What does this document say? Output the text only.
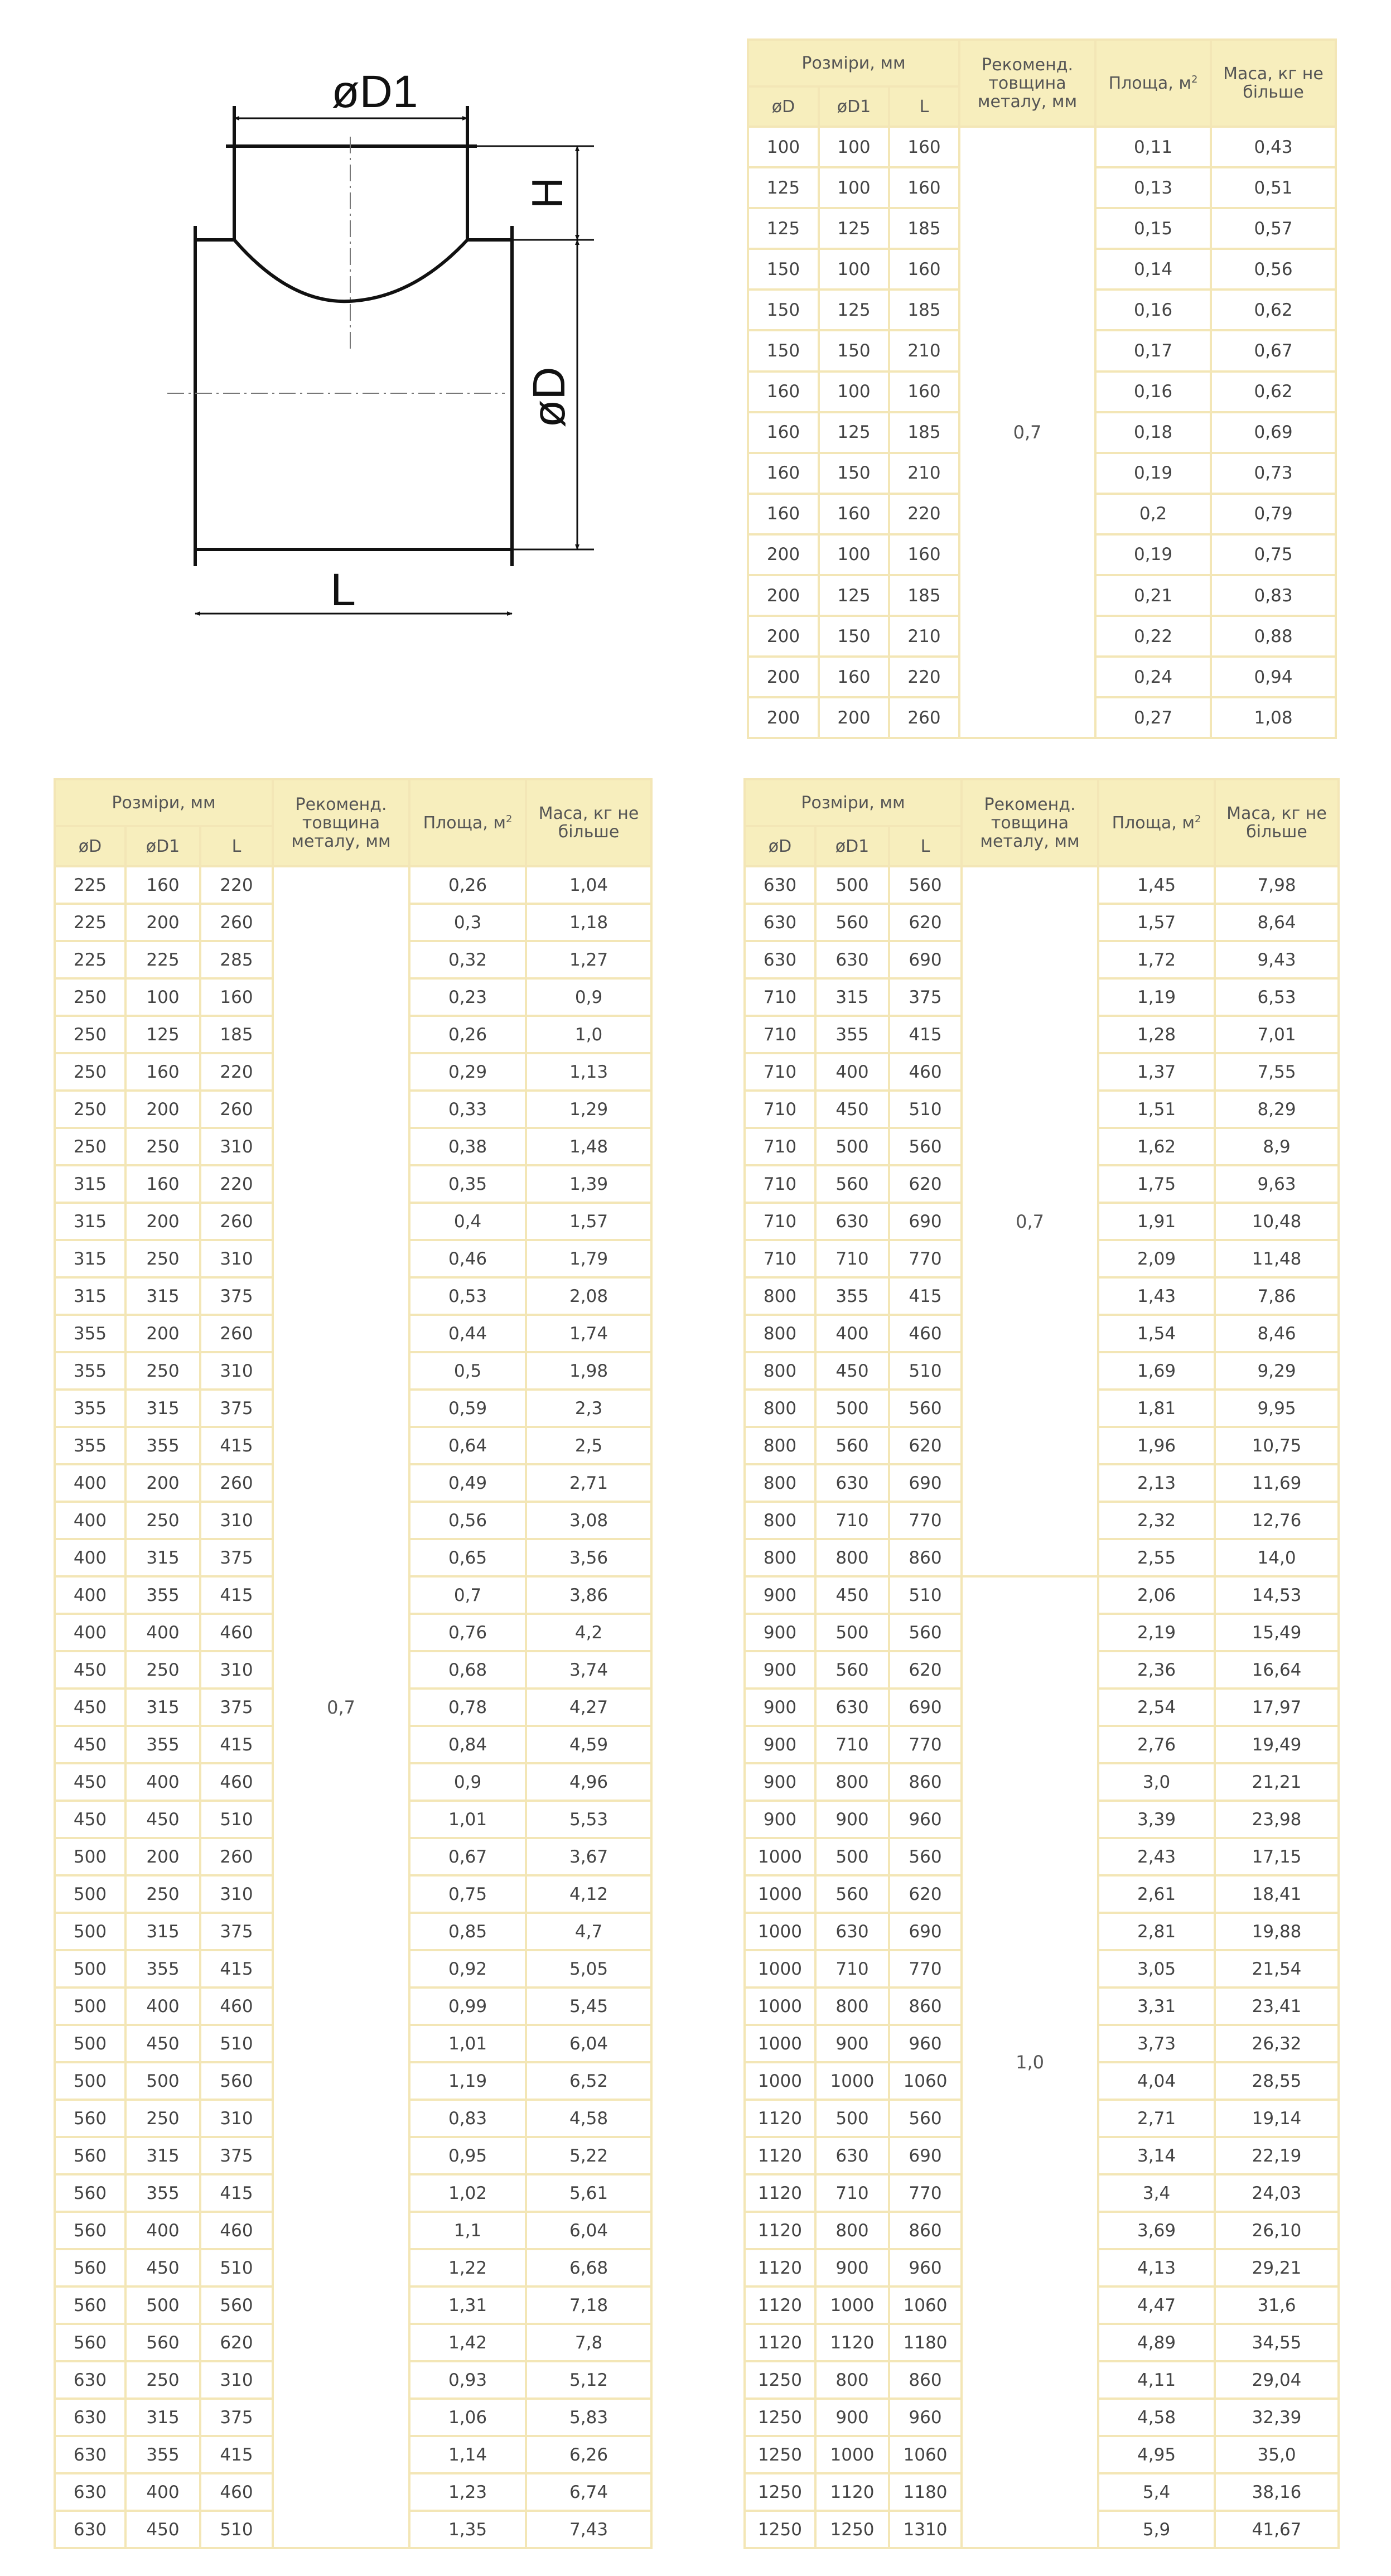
øD1
H
øD
L
Розміри, мм			Рекоменд. товщина металу, мм	Площа, $м^2$	Маса, кг не більше
øD	øD1	L			
100	100	160	0,7	0,11	0,43
125	100	160		0,13	0,51
125	125	185		0,15	0,57
150	100	160		0,14	0,56
150	125	185		0,16	0,62
150	150	210		0,17	0,67
160	100	160		0,16	0,62
160	125	185		0,18	0,69
160	150	210		0,19	0,73
160	160	220		0,2	0,79
200	100	160		0,19	0,75
200	125	185		0,21	0,83
200	150	210		0,22	0,88
200	160	220		0,24	0,94
200	200	260		0,27	1,08
Розміри, мм			Рекоменд. товщина металу, мм	Площа, $м^2$	Маса, кг не більше
øD	øD1	L			
225	160	220	0,7	0,26	1,04
225	200	260		0,3	1,18
225	225	285		0,32	1,27
250	100	160		0,23	0,9
250	125	185		0,26	1,0
250	160	220		0,29	1,13
250	200	260		0,33	1,29
250	250	310		0,38	1,48
315	160	220		0,35	1,39
315	200	260		0,4	1,57
315	250	310		0,46	1,79
315	315	375		0,53	2,08
355	200	260		0,44	1,74
355	250	310		0,5	1,98
355	315	375		0,59	2,3
355	355	415		0,64	2,5
400	200	260		0,49	2,71
400	250	310		0,56	3,08
400	315	375		0,65	3,56
400	355	415		0,7	3,86
400	400	460		0,76	4,2
450	250	310		0,68	3,74
450	315	375		0,78	4,27
450	355	415		0,84	4,59
450	400	460		0,9	4,96
450	450	510		1,01	5,53
500	200	260		0,67	3,67
500	250	310		0,75	4,12
500	315	375		0,85	4,7
500	355	415		0,92	5,05
500	400	460		0,99	5,45
500	450	510		1,01	6,04
500	500	560		1,19	6,52
560	250	310		0,83	4,58
560	315	375		0,95	5,22
560	355	415		1,02	5,61
560	400	460		1,1	6,04
560	450	510		1,22	6,68
560	500	560		1,31	7,18
560	560	620		1,42	7,8
630	250	310		0,93	5,12
630	315	375		1,06	5,83
630	355	415		1,14	6,26
630	400	460		1,23	6,74
630	450	510		1,35	7,43
Розміри, мм			Рекоменд. товщина металу, мм	Площа, $м^2$	Маса, кг не більше
øD	øD1	L			
630	500	560	0,7	1,45	7,98
630	560	620		1,57	8,64
630	630	690		1,72	9,43
710	315	375		1,19	6,53
710	355	415		1,28	7,01
710	400	460		1,37	7,55
710	450	510		1,51	8,29
710	500	560		1,62	8,9
710	560	620		1,75	9,63
710	630	690		1,91	10,48
710	710	770		2,09	11,48
800	355	415		1,43	7,86
800	400	460		1,54	8,46
800	450	510		1,69	9,29
800	500	560		1,81	9,95
800	560	620		1,96	10,75
800	630	690		2,13	11,69
800	710	770		2,32	12,76
800	800	860		2,55	14,0
900	450	510	1,0	2,06	14,53
900	500	560		2,19	15,49
900	560	620		2,36	16,64
900	630	690		2,54	17,97
900	710	770		2,76	19,49
900	800	860		3,0	21,21
900	900	960		3,39	23,98
1000	500	560		2,43	17,15
1000	560	620		2,61	18,41
1000	630	690		2,81	19,88
1000	710	770		3,05	21,54
1000	800	860		3,31	23,41
1000	900	960		3,73	26,32
1000	1000	1060		4,04	28,55
1120	500	560		2,71	19,14
1120	630	690		3,14	22,19
1120	710	770		3,4	24,03
1120	800	860		3,69	26,10
1120	900	960		4,13	29,21
1120	1000	1060		4,47	31,6
1120	1120	1180		4,89	34,55
1250	800	860		4,11	29,04
1250	900	960		4,58	32,39
1250	1000	1060		4,95	35,0
1250	1120	1180		5,4	38,16
1250	1250	1310		5,9	41,67
